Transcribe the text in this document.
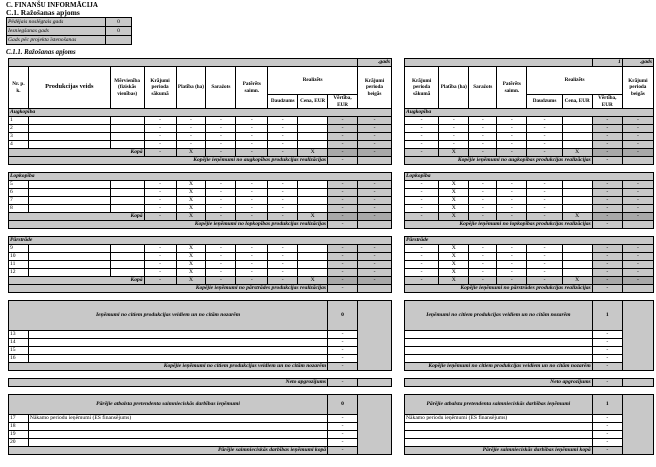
C. FINANŠU INFORMĀCIJA
C.1. Ražošanas apjoms
Pēdējais noslēgtais gads	0
Iesniegšanas gads	0
Gads pēc projekta īstenošanas	
C.1.1. Ražošanas apjoms
										.gads
Nr. p. k.	Produkcijas veids	Mērvienība (fiziskās vienības)	Krājumi perioda sākumā	Platība (ha)	Saražots	Patērēts saimn.	Realizēts			Krājumi perioda beigās
							Daudzums	Cena, EUR	Vērtība, EUR	
Augkopība										
1			-	-	-	-	-		-	-
2			-	-	-	-	-		-	-
3			-	-	-	-	-		-	-
4			-	-	-	-	-		-	-
Kopā			-	X	-	-	-	X	-	-
Kopējie ieņēmumi no augkopības produkcijas realizācijas									-	

Lopkopība										
5			-	X	-	-	-		-	-
6			-	X	-	-	-		-	-
7			-	X	-	-	-		-	-
8			-	X	-	-	-		-	-
Kopā			-	X	-	-	-	X	-	-
Kopējie ieņēmumi no lopkopības produkcijas realizācijas									-	

Pārstrāde										
9			-	X	-	-	-		-	-
10			-	X	-	-	-		-	-
11			-	X	-	-	-		-	-
12			-	X	-	-	-		-	-
Kopā			-	X	-	-	-	X	-	-
Kopējie ieņēmumi no pārstrādes produkcijas realizācijas									-	

Ieņēmumi no citiem produkcijas veidiem un no citām nozarēm									0	
13									-	
14									-	
15									-	
16									-	
Kopējie ieņēmumi no citiem produkcijas veidiem un no citām nozarēm									-	

Neto apgrozījums									-	

Pārējie atbalsta pretendenta saimnieciskās darbības ieņēmumi									0	
17	Nākamo periodu ieņēmumi (ES finansējums)								-	
18									-	
19									-	
20									-	
Pārējie saimnieciskās darbības ieņēmumi kopā									-	
						1	.gads
Krājumi perioda sākumā	Platība (ha)	Saražots	Patērēts saimn.	Realizēts			Krājumi perioda beigās
				Daudzums	Cena, EUR	Vērtība, EUR	
Augkopība							
-	-	-	-	-		-	-
-	-	-	-	-		-	-
-	-	-	-	-		-	-
-	-	-	-	-		-	-
-	X	-	-	-	X	-	-
Kopējie ieņēmumi no augkopības produkcijas realizācijas						-	

Lopkopība							
-	X	-	-	-		-	-
-	X	-	-	-		-	-
-	X	-	-	-		-	-
-	X	-	-	-		-	-
-	X	-	-	-	X	-	-
Kopējie ieņēmumi no lopkopības produkcijas realizācijas						-	

Pārstrāde							
-	X	-	-	-		-	-
-	X	-	-	-		-	-
-	X	-	-	-		-	-
-	X	-	-	-		-	-
-	X	-	-	-	X	-	-
Kopējie ieņēmumi no pārstrādes produkcijas realizācijas						-	

Ieņēmumi no citiem produkcijas veidiem un no citām nozarēm						1	
						-	
						-	
						-	
						-	
Kopējie ieņēmumi no citiem produkcijas veidiem un no citām nozarēm						-	

Neto apgrozījums						-	

Pārējie atbalsta pretendenta saimnieciskās darbības ieņēmumi						1	
Nākamo periodu ieņēmumi (ES finansējums)						-	
						-	
						-	
						-	
Pārējie saimnieciskās darbības ieņēmumi kopā						-	
